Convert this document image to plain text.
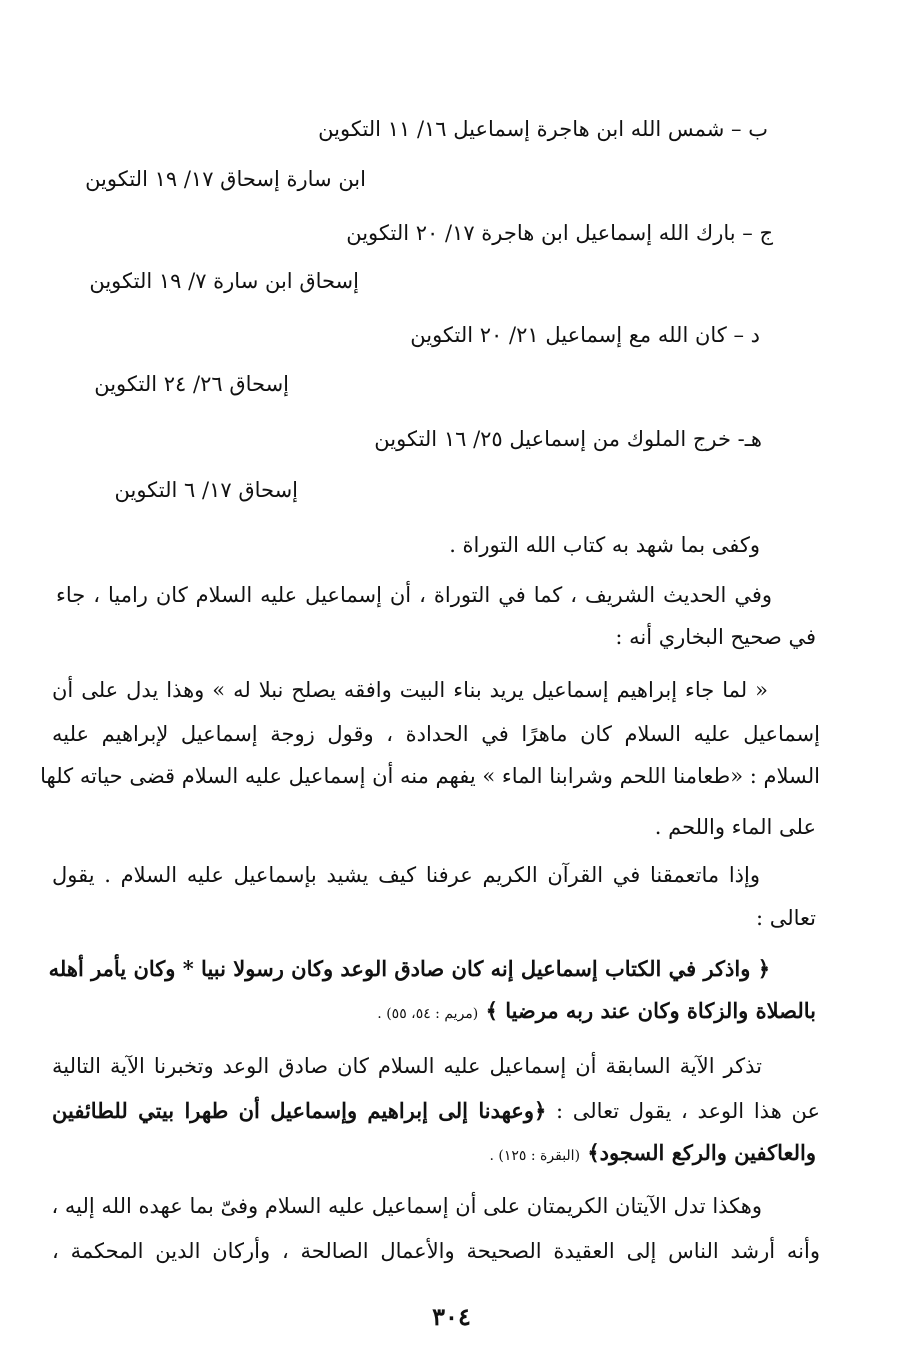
ب – شمس الله ابن هاجرة إسماعيل ١٦/ ١١ التكوين
ابن سارة إسحاق ١٧/ ١٩ التكوين
ج – بارك الله إسماعيل ابن هاجرة ١٧/ ٢٠ التكوين
إسحاق ابن سارة ٧/ ١٩ التكوين
د – كان الله مع إسماعيل ٢١/ ٢٠ التكوين
إسحاق ٢٦/ ٢٤ التكوين
هـ- خرج الملوك من إسماعيل ٢٥/ ١٦ التكوين
إسحاق ١٧/ ٦ التكوين
وكفى بما شهد به كتاب الله التوراة .
وفي الحديث الشريف ، كما في التوراة ، أن إسماعيل عليه السلام كان راميا ، جاء
في صحيح البخاري أنه :
« لما جاء إبراهيم إسماعيل يريد بناء البيت وافقه يصلح نبلا له » وهذا يدل على أن
إسماعيل عليه السلام كان ماهرًا في الحدادة ، وقول زوجة إسماعيل لإبراهيم عليه
السلام : «طعامنا اللحم وشرابنا الماء » يفهم منه أن إسماعيل عليه السلام قضى حياته كلها
على الماء واللحم .
وإذا ماتعمقنا في القرآن الكريم عرفنا كيف يشيد بإسماعيل عليه السلام . يقول
تعالى :
﴿ واذكر في الكتاب إسماعيل إنه كان صادق الوعد وكان رسولا نبيا * وكان يأمر أهله
بالصلاة والزكاة وكان عند ربه مرضيا ﴾ (مريم : ٥٤، ٥٥) .
تذكر الآية السابقة أن إسماعيل عليه السلام كان صادق الوعد وتخبرنا الآية التالية
عن هذا الوعد ، يقول تعالى : ﴿وعهدنا إلى إبراهيم وإسماعيل أن طهرا بيتي للطائفين
والعاكفين والركع السجود﴾ (البقرة : ١٢٥) .
وهكذا تدل الآيتان الكريمتان على أن إسماعيل عليه السلام وفىّ بما عهده الله إليه ،
وأنه أرشد الناس إلى العقيدة الصحيحة والأعمال الصالحة ، وأركان الدين المحكمة ،
٣٠٤
